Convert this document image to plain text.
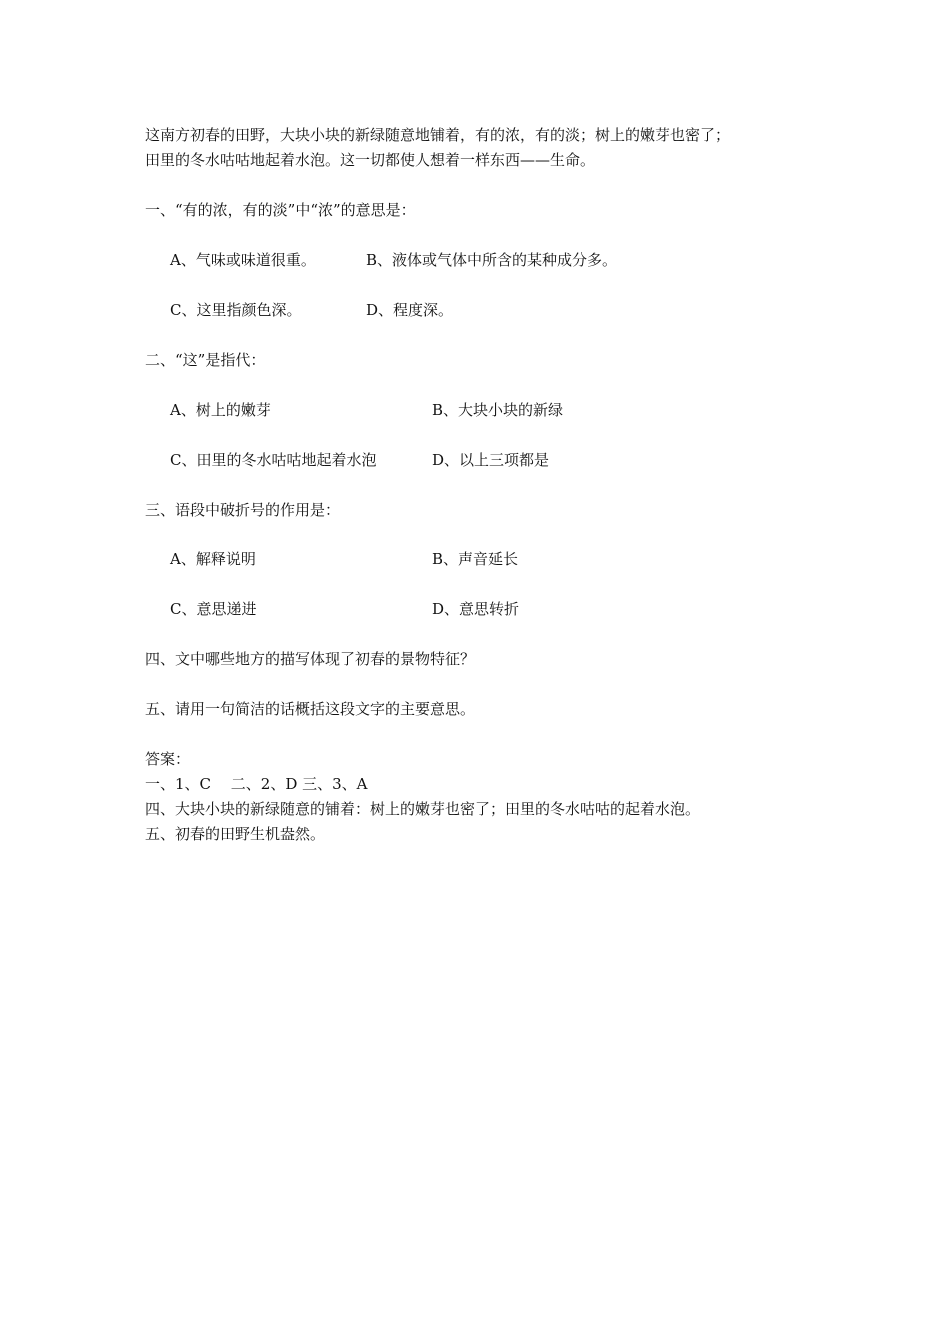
这南方初春的田野，大块小块的新绿随意地铺着，有的浓，有的淡；树上的嫩芽也密了；
田里的冬水咕咕地起着水泡。这一切都使人想着一样东西——生命。
一、“有的浓，有的淡”中“浓”的意思是：
A、气味或味道很重。	B、液体或气体中所含的某种成分多。
C、这里指颜色深。	D、程度深。
二、“这”是指代：
A、树上的嫩芽	B、大块小块的新绿
C、田里的冬水咕咕地起着水泡	D、以上三项都是
三、语段中破折号的作用是：
A、解释说明	B、声音延长
C、意思递进	D、意思转折
四、文中哪些地方的描写体现了初春的景物特征？
五、请用一句简洁的话概括这段文字的主要意思。
答案：
一、1、C　 二、2、D 三、3、A
四、大块小块的新绿随意的铺着：树上的嫩芽也密了；田里的冬水咕咕的起着水泡。
五、初春的田野生机盎然。
